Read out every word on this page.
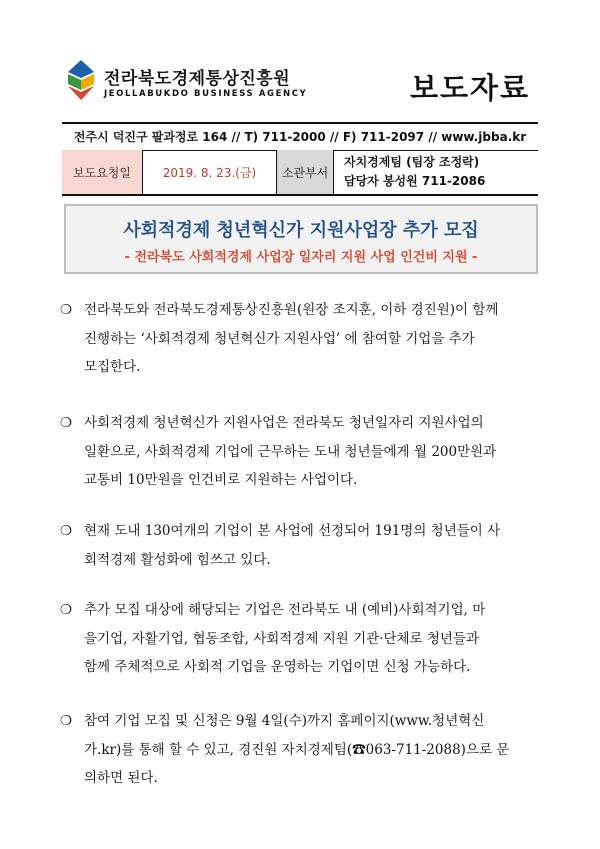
전라북도경제통상진흥원
JEOLLABUKDO BUSINESS AGENCY	보도자료
전주시 덕진구 팔과정로 164 // T) 711-2000 // F) 711-2097 // www.jbba.kr
보도요청일	2019. 8. 23.(금)	소관부서
자치경제팀 (팀장 조정락)
담당자 봉성원 711-2086
사회적경제 청년혁신가 지원사업장 추가 모집
- 전라북도 사회적경제 사업장 일자리 지원 사업 인건비 지원 -
❍ 전라북도와 전라북도경제통상진흥원(원장 조지훈, 이하 경진원)이 함께
진행하는 ‘사회적경제 청년혁신가 지원사업’ 에 참여할 기업을 추가
모집한다.
❍ 사회적경제 청년혁신가 지원사업은 전라북도 청년일자리 지원사업의
일환으로, 사회적경제 기업에 근무하는 도내 청년들에게 월 200만원과
교통비 10만원을 인건비로 지원하는 사업이다.
❍ 현재 도내 130여개의 기업이 본 사업에 선정되어 191명의 청년들이 사
회적경제 활성화에 힘쓰고 있다.
❍ 추가 모집 대상에 해당되는 기업은 전라북도 내 (예비)사회적기업, 마
을기업, 자활기업, 협동조합, 사회적경제 지원 기관·단체로 청년들과
함께 주체적으로 사회적 기업을 운영하는 기업이면 신청 가능하다.
❍ 참여 기업 모집 및 신청은 9월 4일(수)까지 홈페이지(www.청년혁신
가.kr)를 통해 할 수 있고, 경진원 자치경제팀(☎063-711-2088)으로 문
의하면 된다.
